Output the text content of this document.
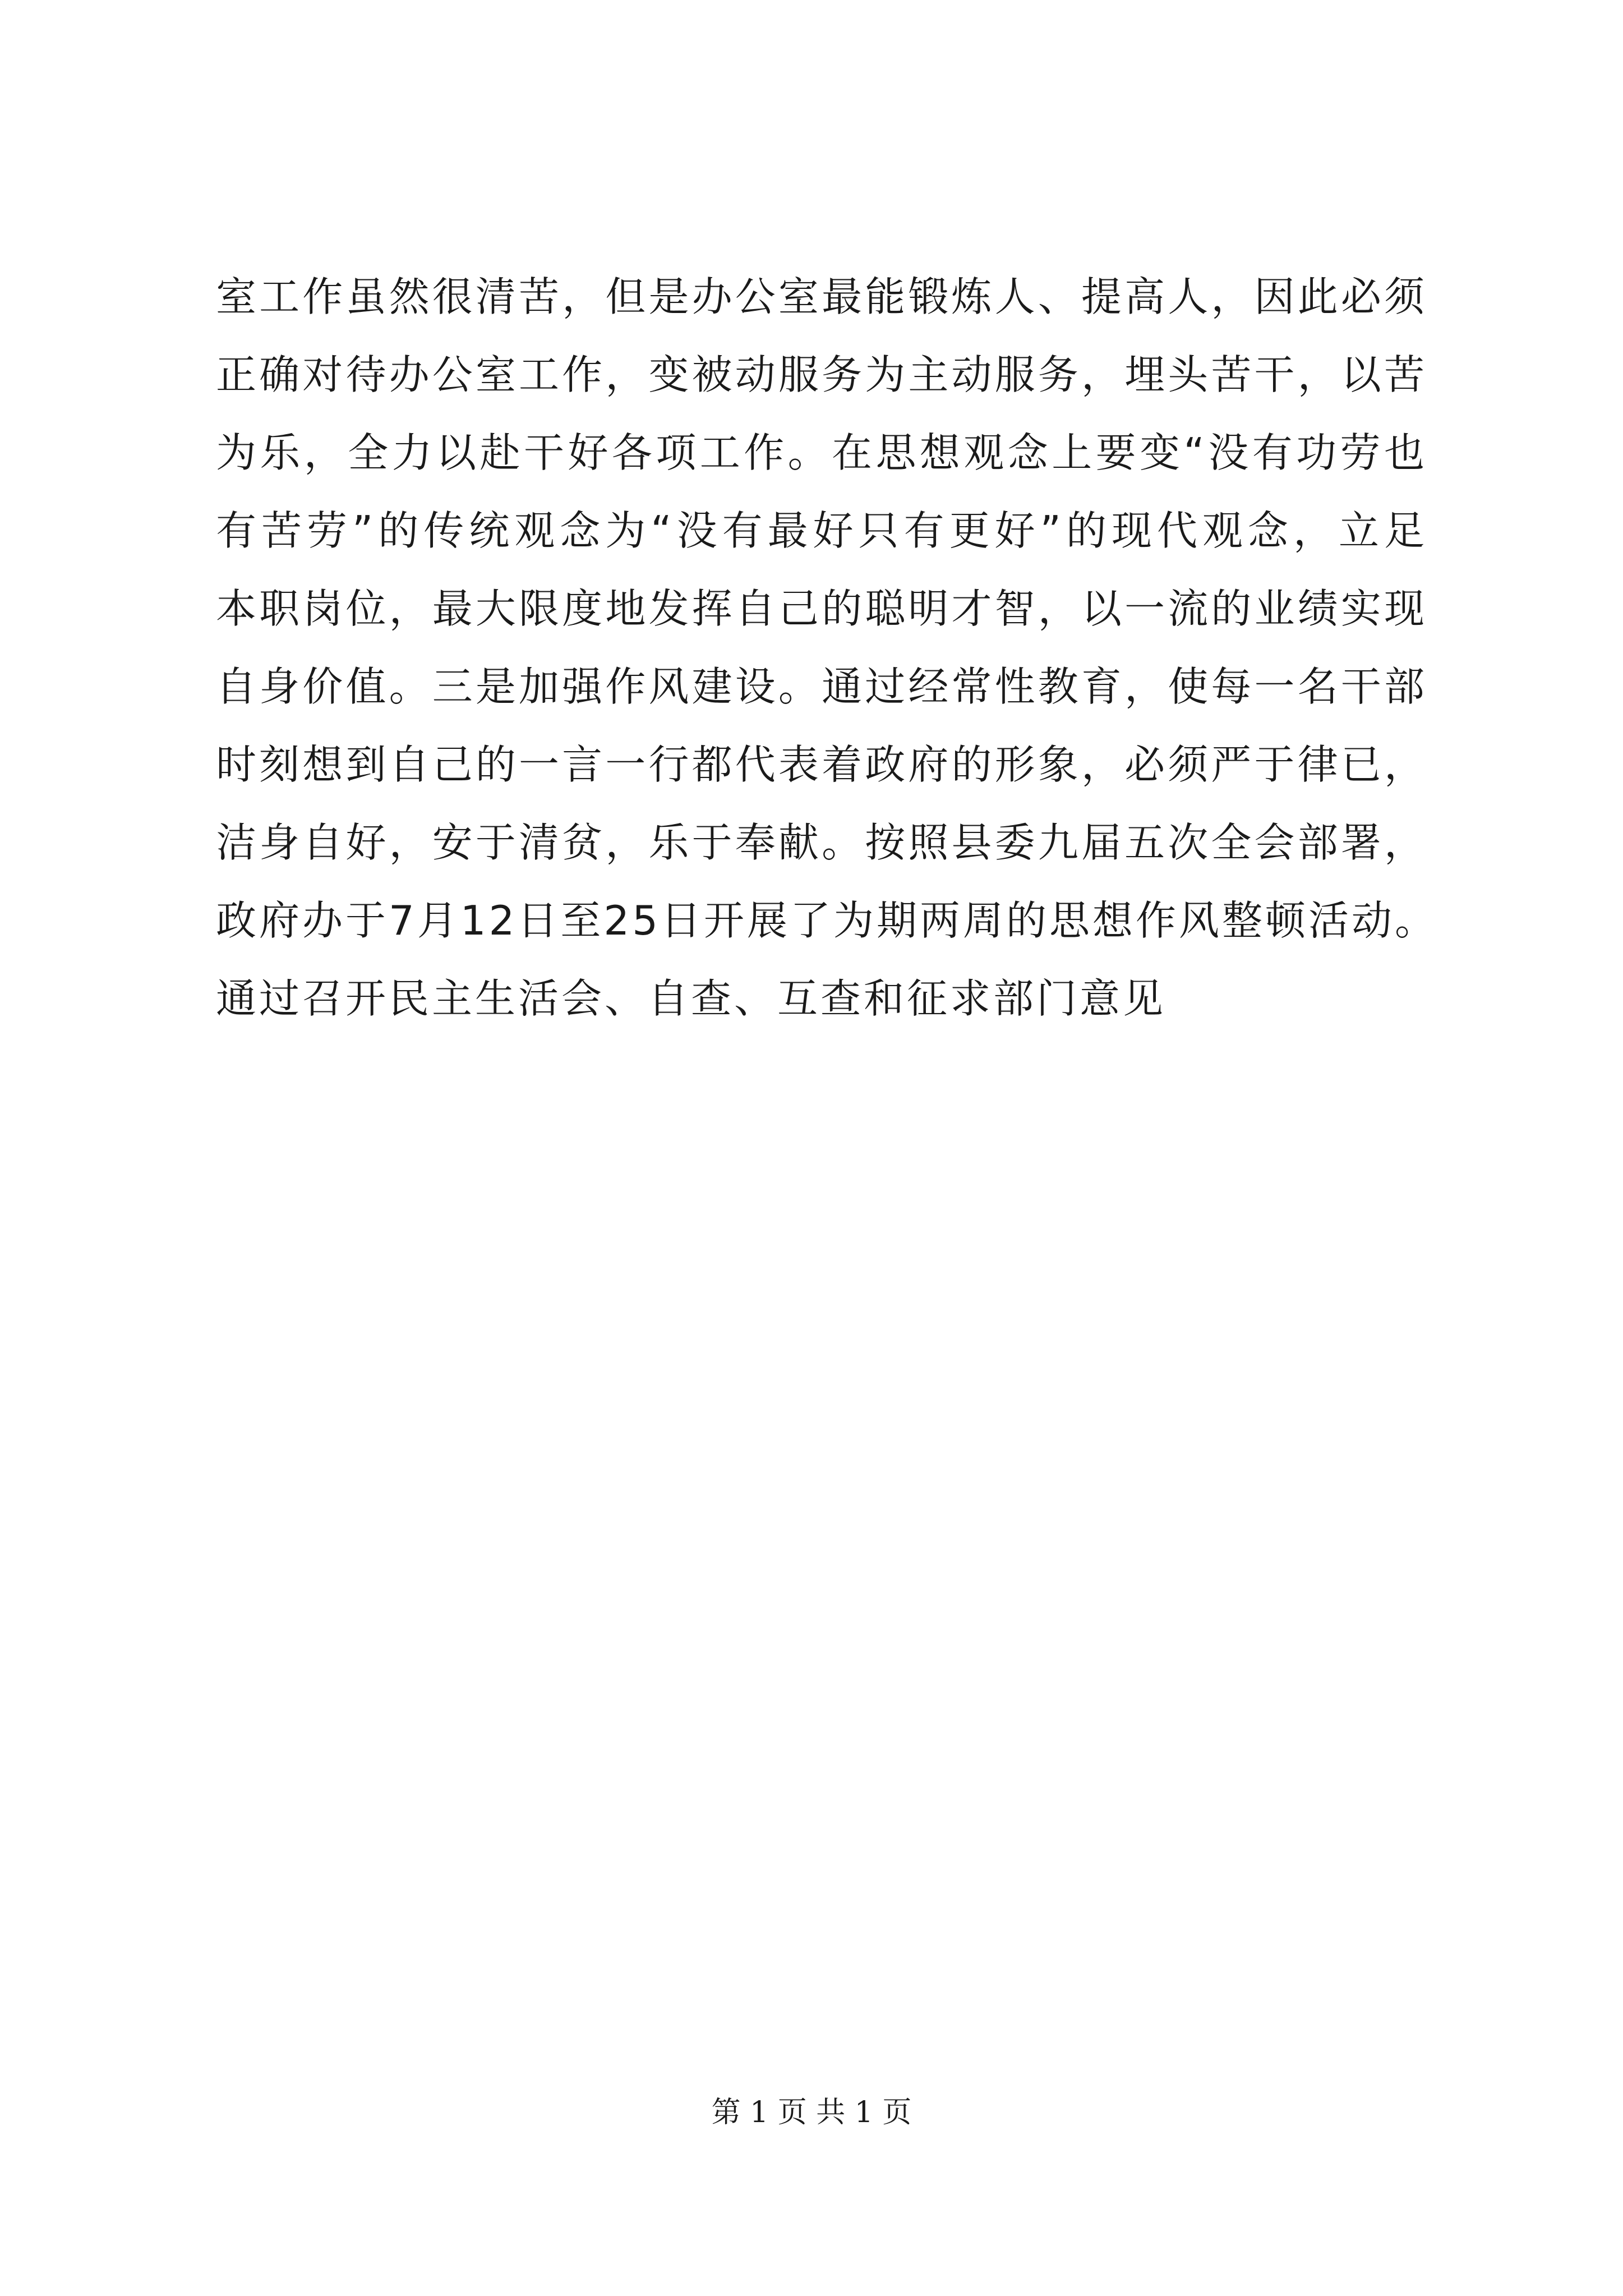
室工作虽然很清苦，但是办公室最能锻炼人、提高人，因此必须
正确对待办公室工作，变被动服务为主动服务，埋头苦干，以苦
为乐，全力以赴干好各项工作。在思想观念上要变“没有功劳也
有苦劳”的传统观念为“没有最好只有更好”的现代观念，立足
本职岗位，最大限度地发挥自己的聪明才智，以一流的业绩实现
自身价值。三是加强作风建设。通过经常性教育，使每一名干部
时刻想到自己的一言一行都代表着政府的形象，必须严于律已，
洁身自好，安于清贫，乐于奉献。按照县委九届五次全会部署，
政府办于7月12日至25日开展了为期两周的思想作风整顿活动。
通过召开民主生活会、自查、互查和征求部门意见
第 1 页 共 1 页
